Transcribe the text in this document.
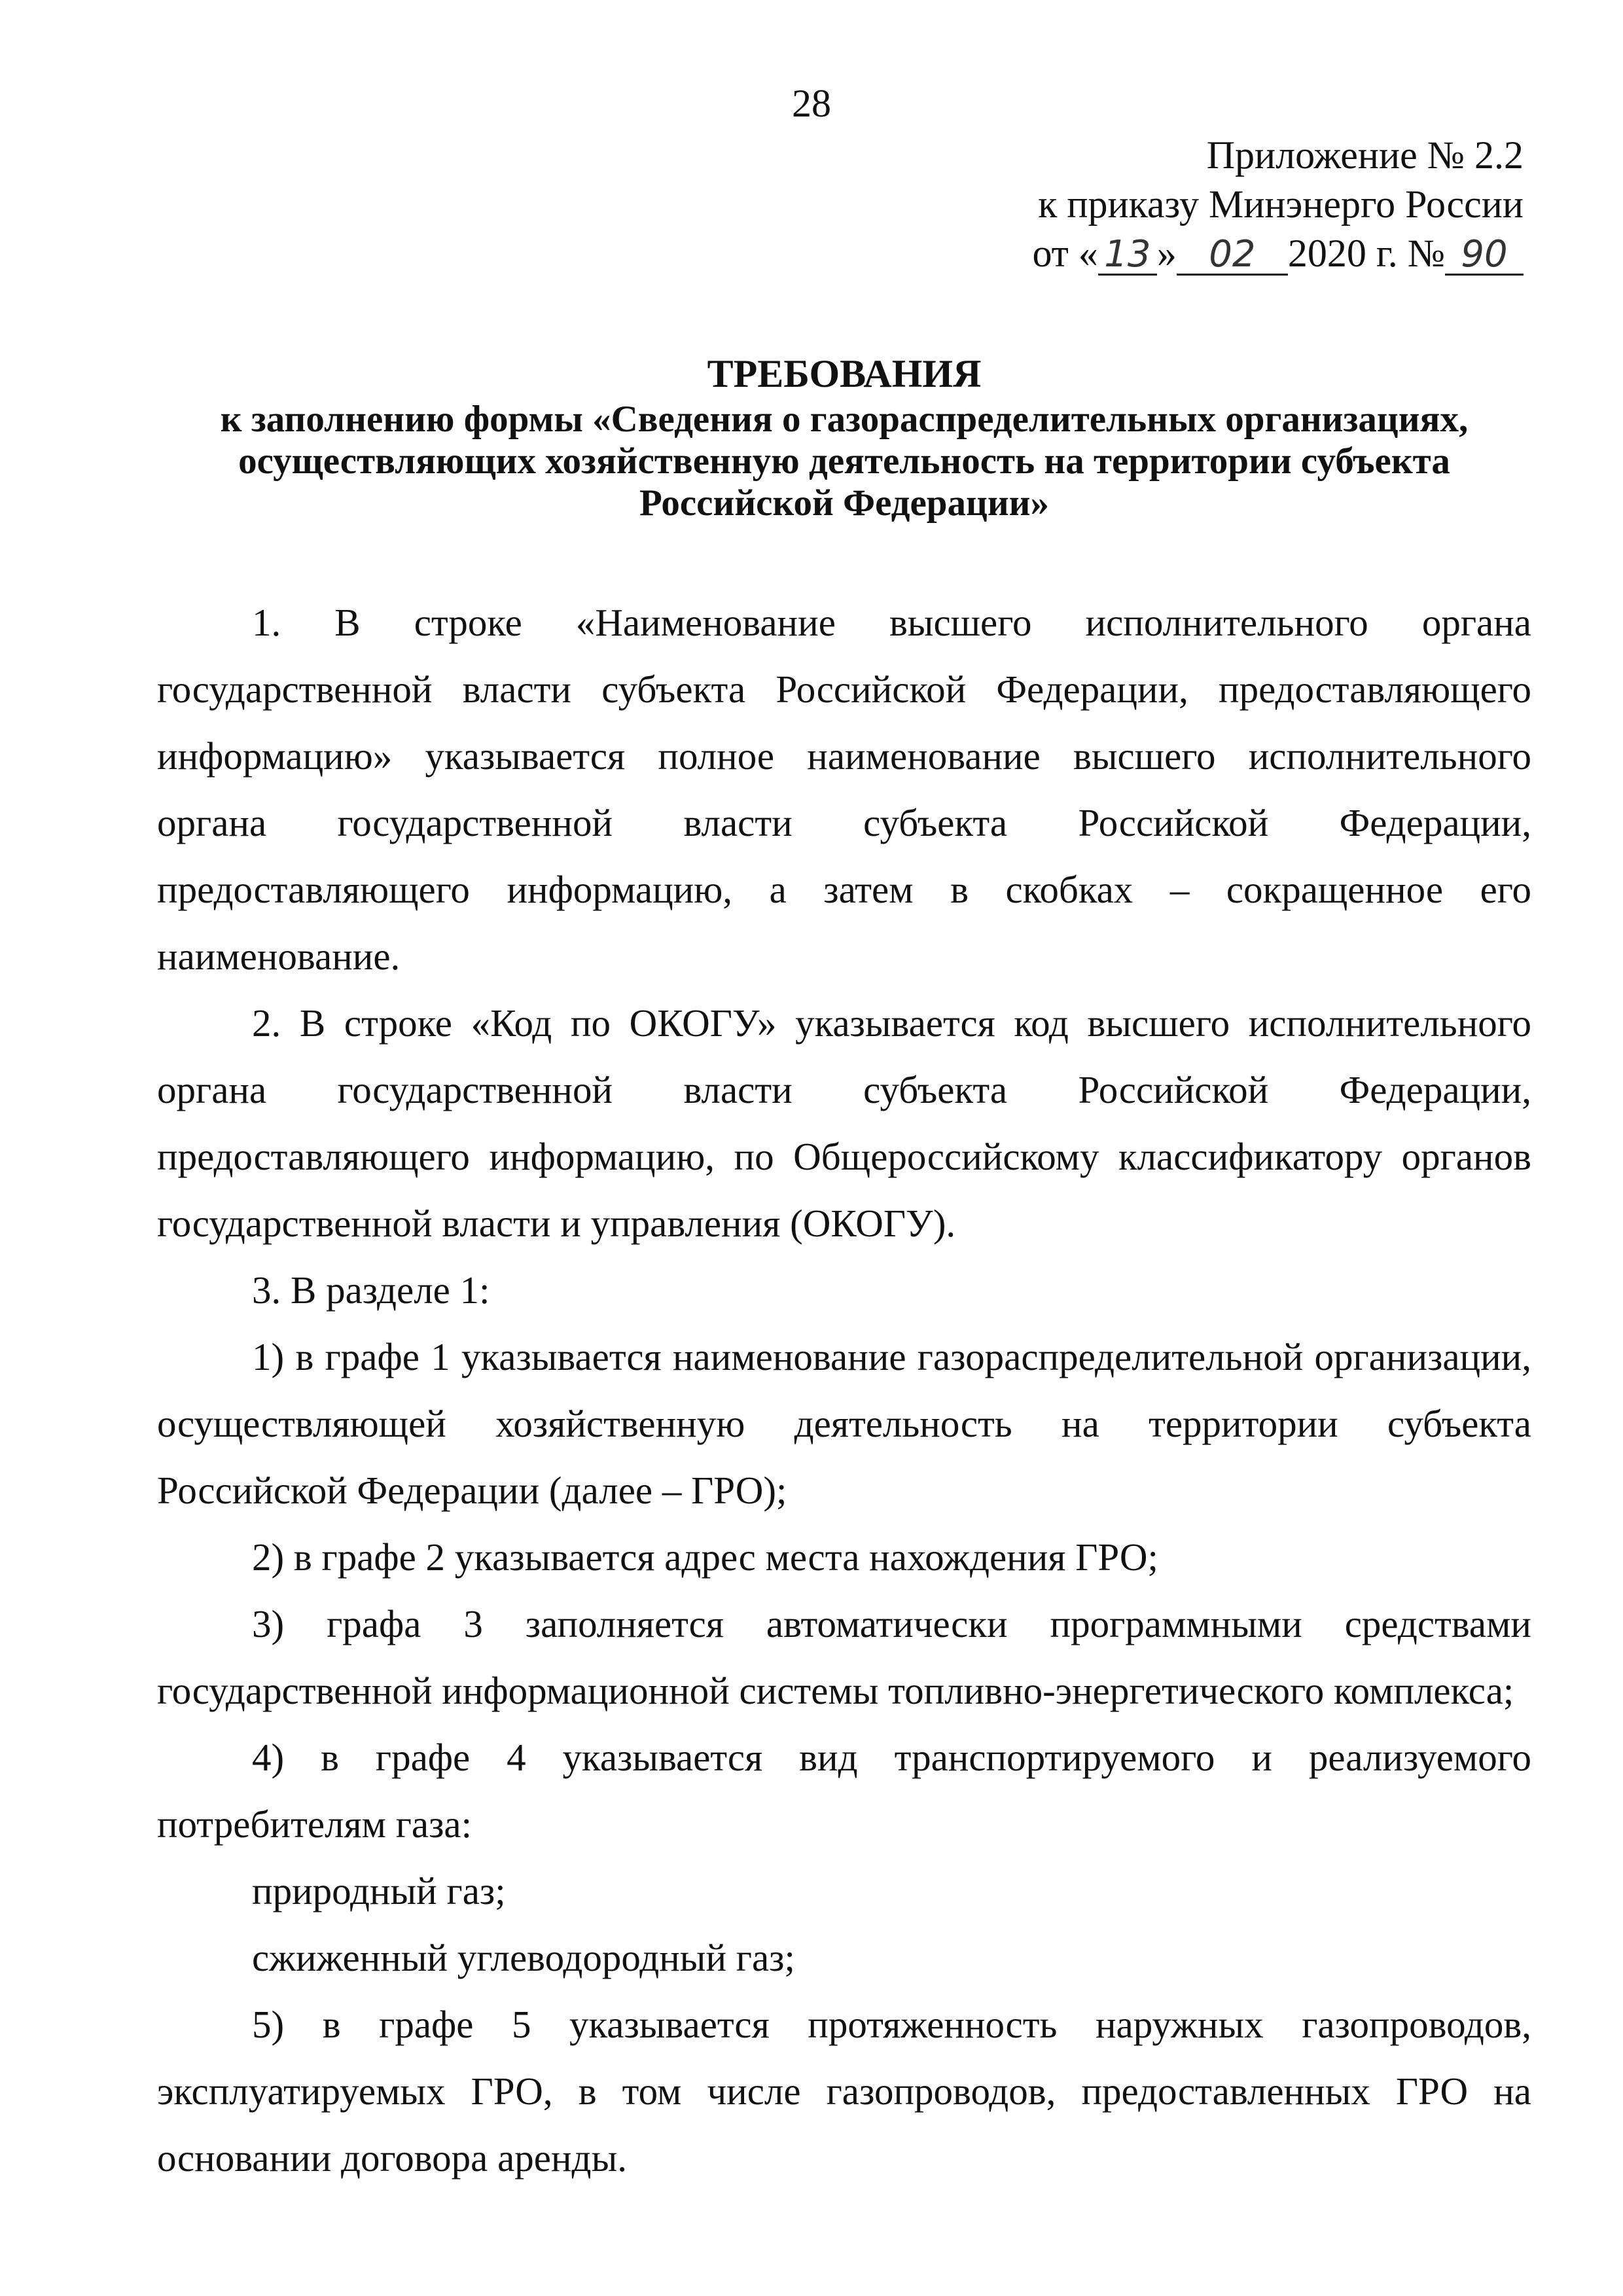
28
Приложение № 2.2
к приказу Минэнерго России
от « 13 » 02 2020 г. № 90
ТРЕБОВАНИЯ
к заполнению формы «Сведения о газораспределительных организациях, осуществляющих хозяйственную деятельность на территории субъекта Российской Федерации»

1. В строке «Наименование высшего исполнительного органа государственной власти субъекта Российской Федерации, предоставляющего информацию» указывается полное наименование высшего исполнительного органа государственной власти субъекта Российской Федерации, предоставляющего информацию, а затем в скобках – сокращенное его наименование.

2. В строке «Код по ОКОГУ» указывается код высшего исполнительного органа государственной власти субъекта Российской Федерации, предоставляющего информацию, по Общероссийскому классификатору органов государственной власти и управления (ОКОГУ).

3. В разделе 1:

1) в графе 1 указывается наименование газораспределительной организации, осуществляющей хозяйственную деятельность на территории субъекта Российской Федерации (далее – ГРО);

2) в графе 2 указывается адрес места нахождения ГРО;

3) графа 3 заполняется автоматически программными средствами государственной информационной системы топливно-энергетического комплекса;

4) в графе 4 указывается вид транспортируемого и реализуемого потребителям газа:

природный газ;

сжиженный углеводородный газ;

5) в графе 5 указывается протяженность наружных газопроводов, эксплуатируемых ГРО, в том числе газопроводов, предоставленных ГРО на основании договора аренды.
